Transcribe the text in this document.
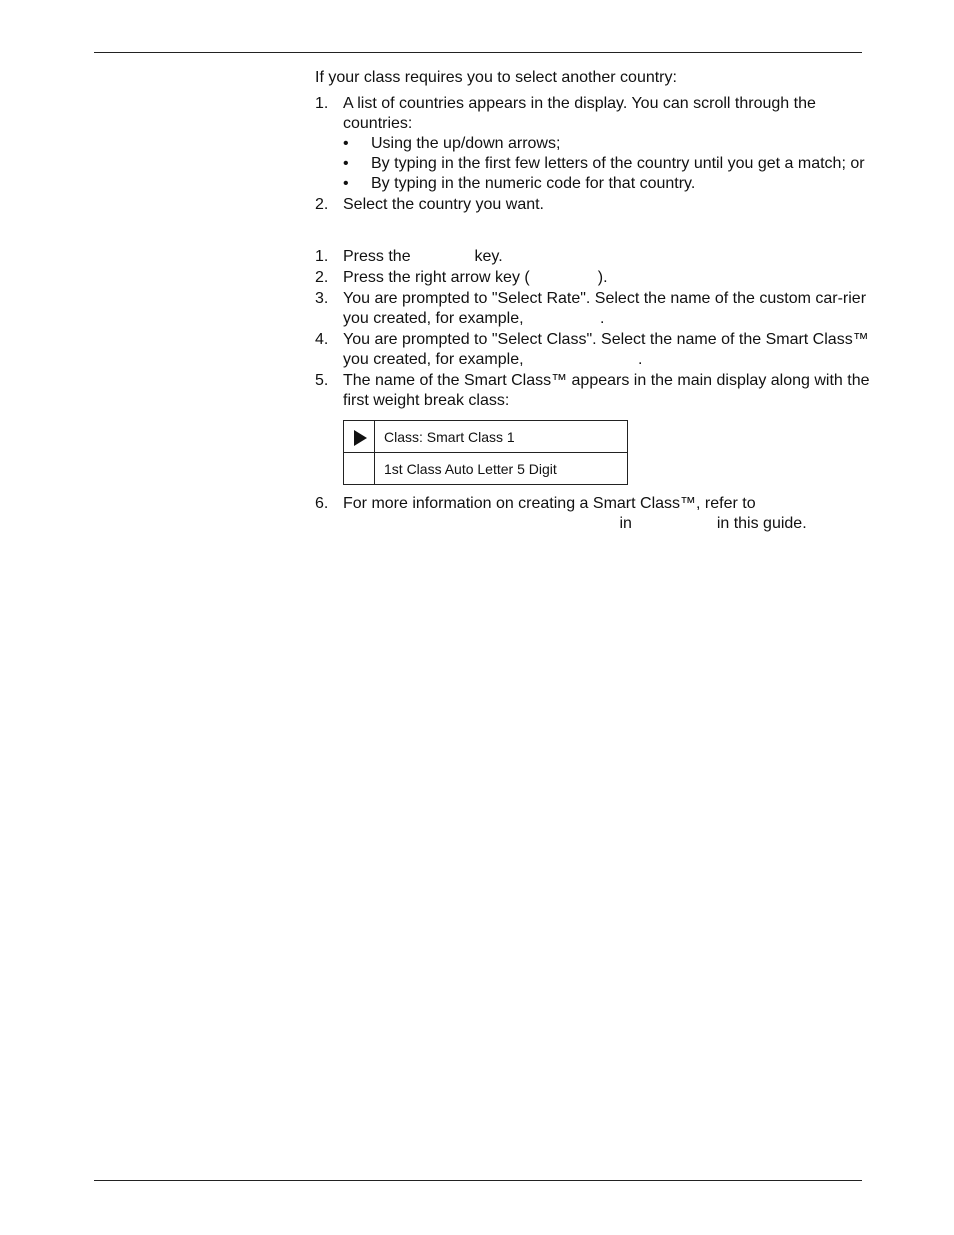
If your class requires you to select another country:

1. A list of countries appears in the display. You can scroll through the countries:
• Using the up/down arrows;
• By typing in the first few letters of the country until you get a match; or
• By typing in the numeric code for that country.
2. Select the country you want.
1. Press the	key.
2. Press the right arrow key (	).
3. You are prompted to "Select Rate". Select the name of the custom car-rier you created, for example,	.
4. You are prompted to "Select Class". Select the name of the Smart Class™ you created, for example,	.
5. The name of the Smart Class™ appears in the main display along with the first weight break class:
	Class: Smart Class 1
	1st Class Auto Letter 5 Digit
6. For more information on creating a Smart Class™, refer to
in	in this guide.
